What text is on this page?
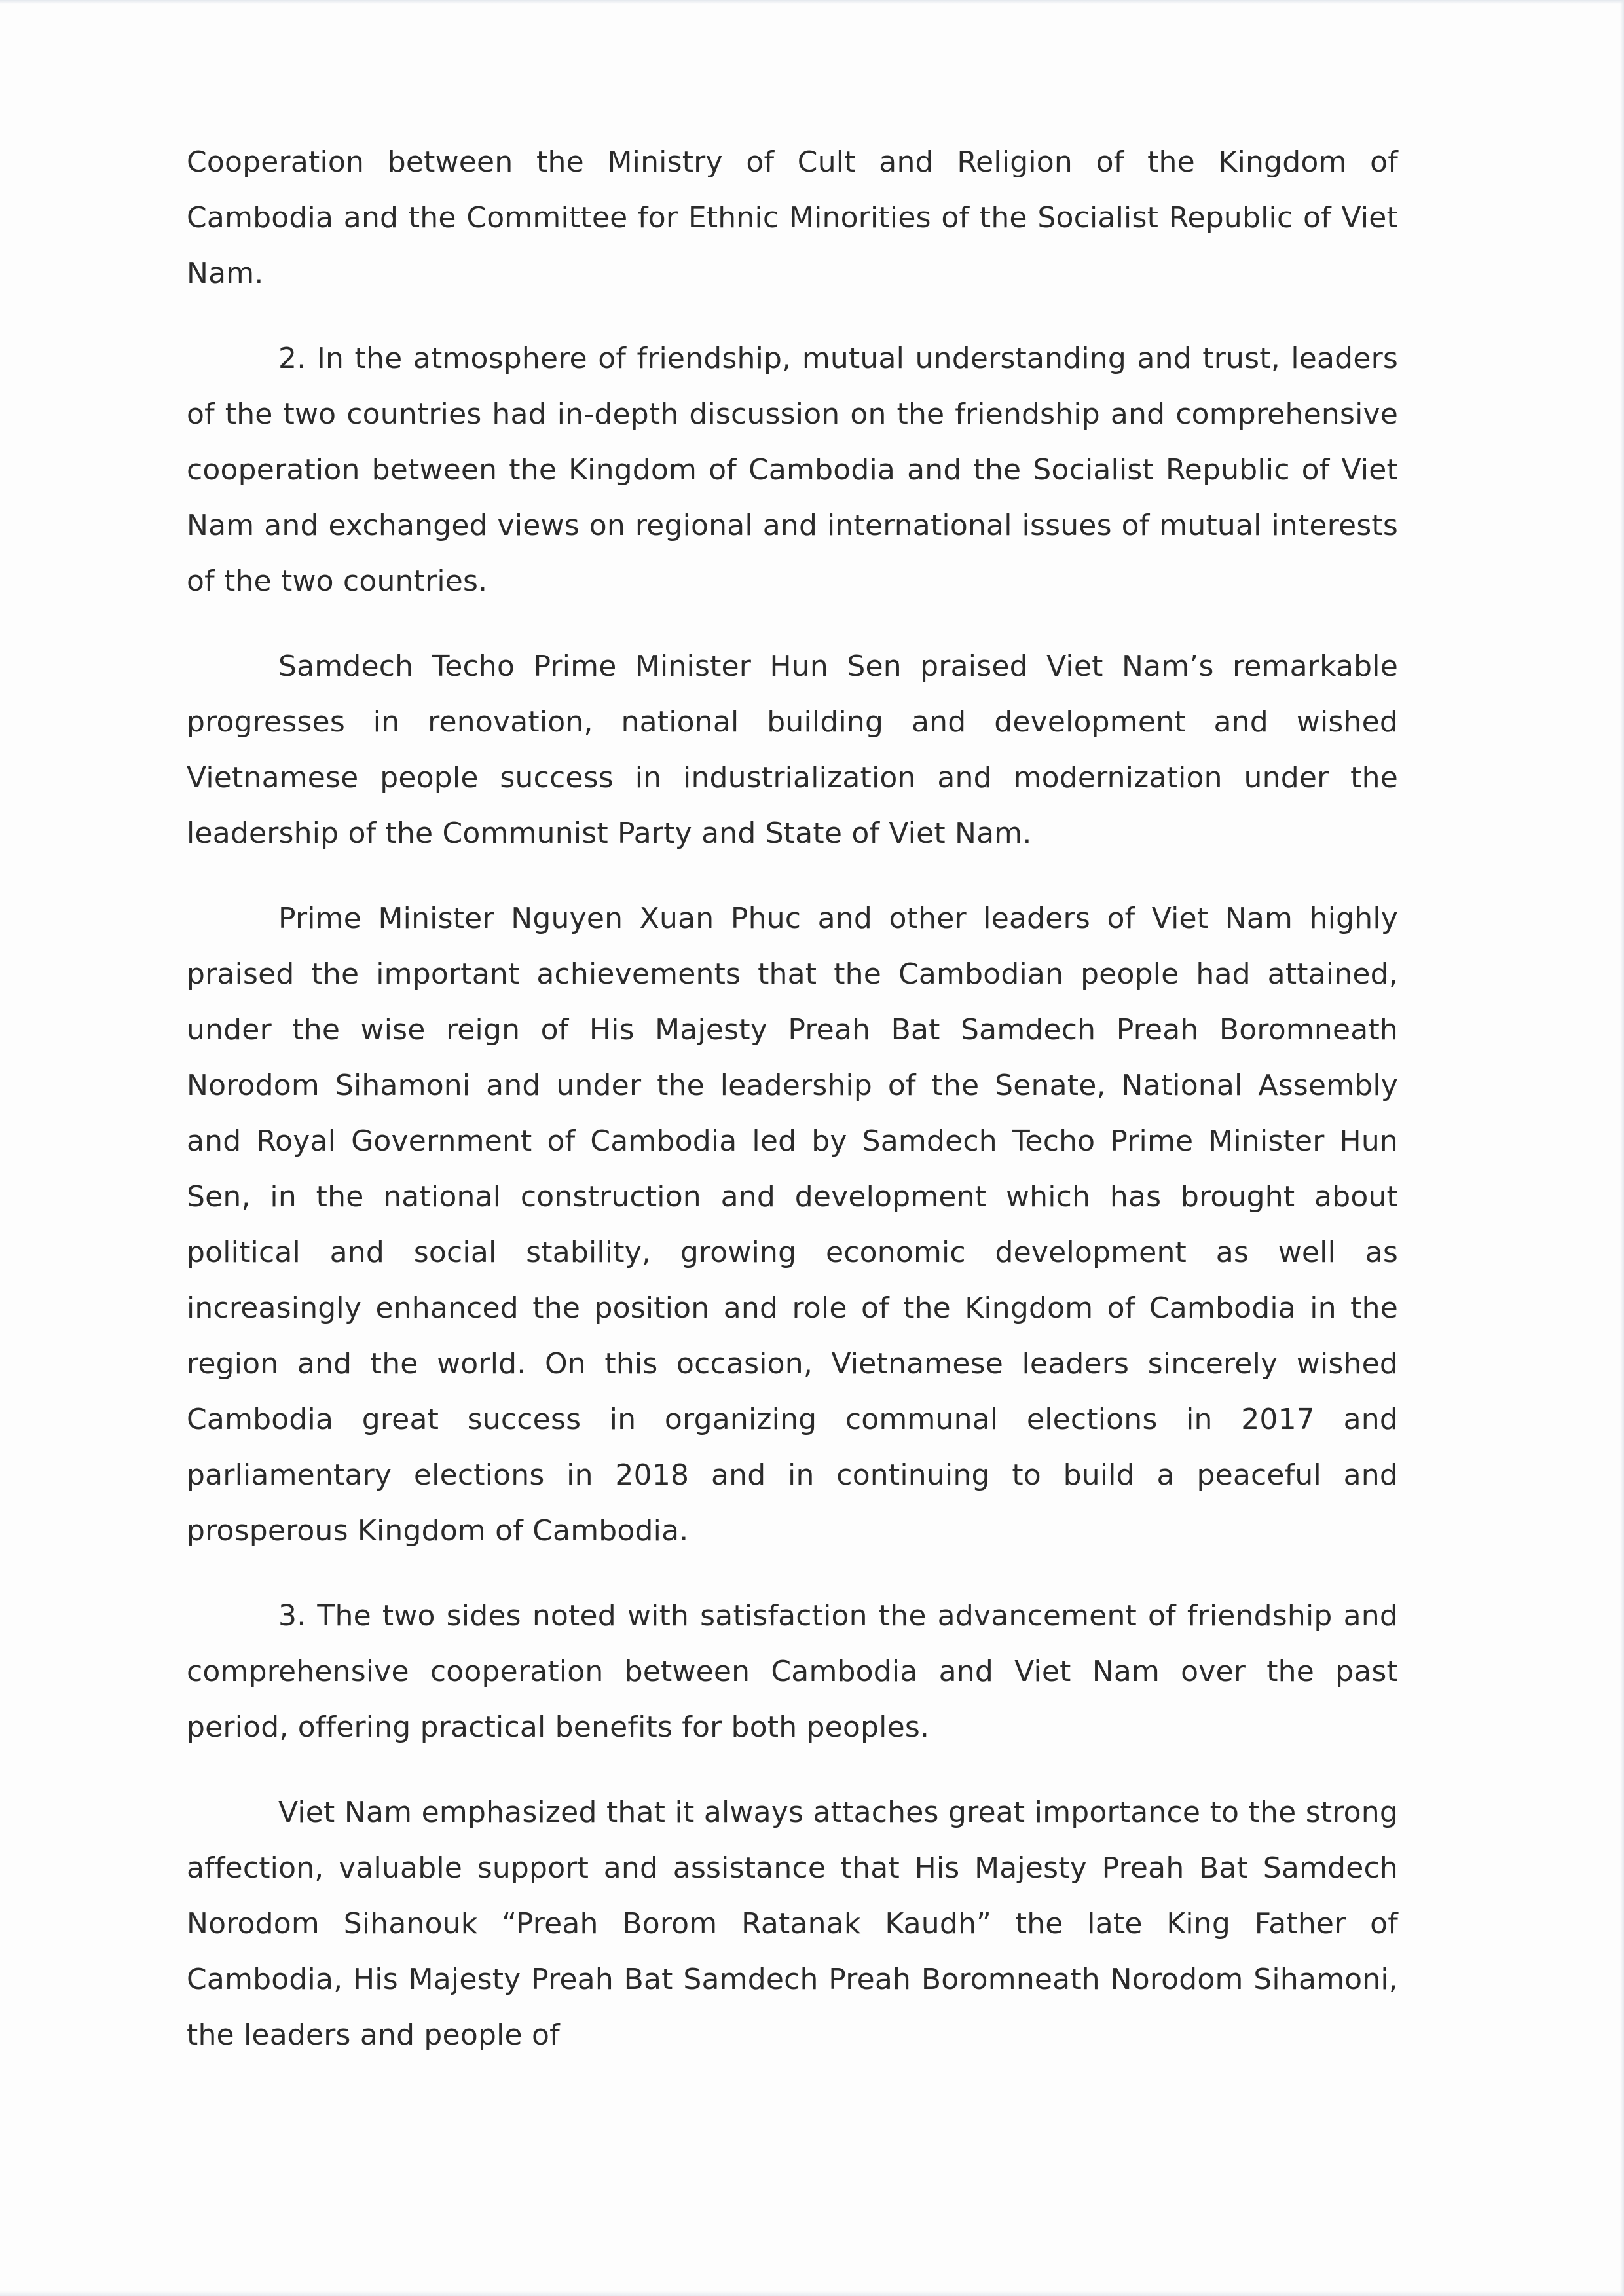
Cooperation between the Ministry of Cult and Religion of the Kingdom of Cambodia and the Committee for Ethnic Minorities of the Socialist Republic of Viet Nam.

2. In the atmosphere of friendship, mutual understanding and trust, leaders of the two countries had in-depth discussion on the friendship and comprehensive cooperation between the Kingdom of Cambodia and the Socialist Republic of Viet Nam and exchanged views on regional and international issues of mutual interests of the two countries.

Samdech Techo Prime Minister Hun Sen praised Viet Nam’s remarkable progresses in renovation, national building and development and wished Vietnamese people success in industrialization and modernization under the leadership of the Communist Party and State of Viet Nam.

Prime Minister Nguyen Xuan Phuc and other leaders of Viet Nam highly praised the important achievements that the Cambodian people had attained, under the wise reign of His Majesty Preah Bat Samdech Preah Boromneath Norodom Sihamoni and under the leadership of the Senate, National Assembly and Royal Government of Cambodia led by Samdech Techo Prime Minister Hun Sen, in the national construction and development which has brought about political and social stability, growing economic development as well as increasingly enhanced the position and role of the Kingdom of Cambodia in the region and the world. On this occasion, Vietnamese leaders sincerely wished Cambodia great success in organizing communal elections in 2017 and parliamentary elections in 2018 and in continuing to build a peaceful and prosperous Kingdom of Cambodia.

3. The two sides noted with satisfaction the advancement of friendship and comprehensive cooperation between Cambodia and Viet Nam over the past period, offering practical benefits for both peoples.

Viet Nam emphasized that it always attaches great importance to the strong affection, valuable support and assistance that His Majesty Preah Bat Samdech Norodom Sihanouk “Preah Borom Ratanak Kaudh” the late King Father of Cambodia, His Majesty Preah Bat Samdech Preah Boromneath Norodom Sihamoni, the leaders and people of
